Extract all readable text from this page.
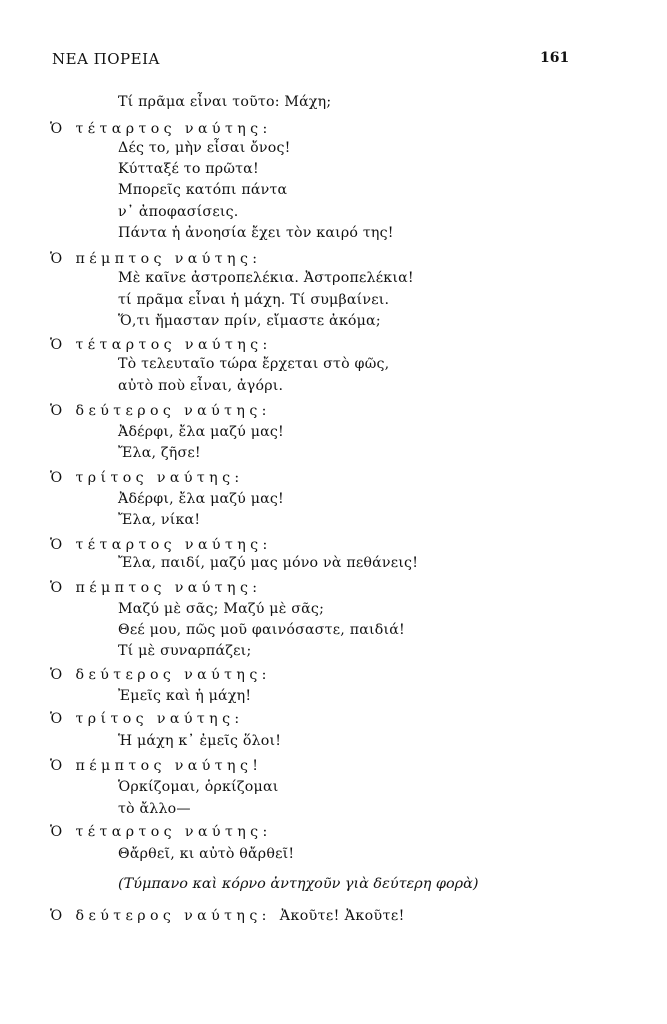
ΝΕΑ ΠΟΡΕΙΑ	161
Τί πρᾶμα εἶναι τοῦτο: Μάχη;
Ὁ τέταρτος ναύτης:
Δές το, μὴν εἶσαι ὄνος!
Κύτταξέ το πρῶτα!
Μπορεῖς κατόπι πάντα
ν᾽ ἀποφασίσεις.
Πάντα ἡ ἀνοησία ἔχει τὸν καιρό της!
Ὁ πέμπτος ναύτης:
Μὲ καῖνε ἀστροπελέκια. Ἀστροπελέκια!
τί πρᾶμα εἶναι ἡ μάχη. Τί συμβαίνει.
Ὅ,τι ἤμασταν πρίν, εἴμαστε ἀκόμα;
Ὁ τέταρτος ναύτης:
Τὸ τελευταῖο τώρα ἔρχεται στὸ φῶς,
αὐτὸ ποὺ εἶναι, ἀγόρι.
Ὁ δεύτερος ναύτης:
Ἀδέρφι, ἔλα μαζύ μας!
Ἔλα, ζῆσε!
Ὁ τρίτος ναύτης:
Ἀδέρφι, ἔλα μαζύ μας!
Ἔλα, νίκα!
Ὁ τέταρτος ναύτης:
Ἔλα, παιδί, μαζύ μας μόνο νὰ πεθάνεις!
Ὁ πέμπτος ναύτης:
Μαζύ μὲ σᾶς; Μαζύ μὲ σᾶς;
Θεέ μου, πῶς μοῦ φαινόσαστε, παιδιά!
Τί μὲ συναρπάζει;
Ὁ δεύτερος ναύτης:
Ἐμεῖς καὶ ἡ μάχη!
Ὁ τρίτος ναύτης:
Ἡ μάχη κ᾽ ἐμεῖς ὅλοι!
Ὁ πέμπτος ναύτης!
Ὁρκίζομαι, ὁρκίζομαι
τὸ ἄλλο—
Ὁ τέταρτος ναύτης:
Θἄρθεῖ, κι αὐτὸ θἄρθεῖ!
(Τύμπανο καὶ κόρνο ἀντηχοῦν γιὰ δεύτερη φορὰ)
Ὁ δεύτερος ναύτης: Ἀκοῦτε! Ἀκοῦτε!
